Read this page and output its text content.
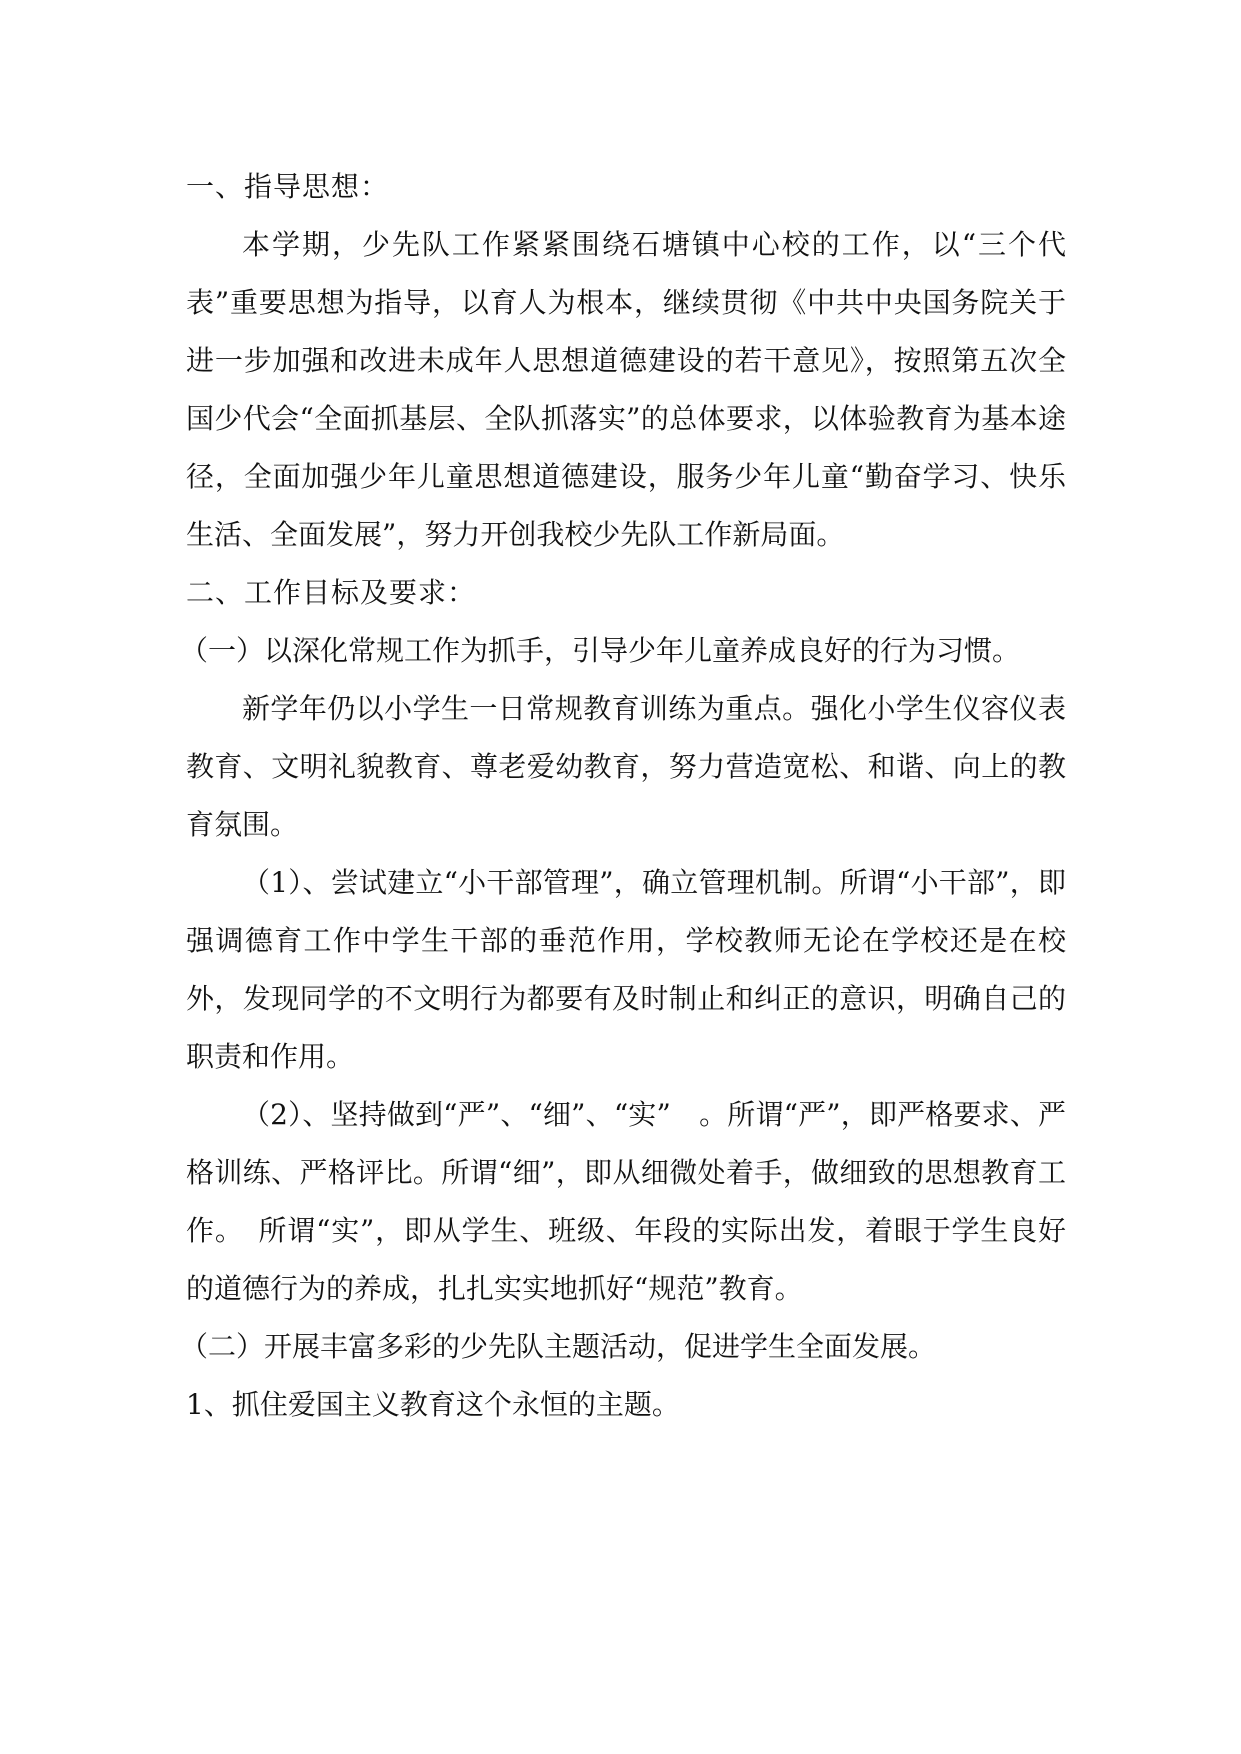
一、指导思想：

本学期，少先队工作紧紧围绕石塘镇中心校的工作，以“三个代表”重要思想为指导，以育人为根本，继续贯彻《中共中央国务院关于进一步加强和改进未成年人思想道德建设的若干意见》，按照第五次全国少代会“全面抓基层、全队抓落实”的总体要求，以体验教育为基本途径，全面加强少年儿童思想道德建设，服务少年儿童“勤奋学习、快乐生活、全面发展”，努力开创我校少先队工作新局面。

二、工作目标及要求：

（一）以深化常规工作为抓手，引导少年儿童养成良好的行为习惯。

新学年仍以小学生一日常规教育训练为重点。强化小学生仪容仪表教育、文明礼貌教育、尊老爱幼教育，努力营造宽松、和谐、向上的教育氛围。

（1）、尝试建立“小干部管理”，确立管理机制。所谓“小干部”，即强调德育工作中学生干部的垂范作用，学校教师无论在学校还是在校外，发现同学的不文明行为都要有及时制止和纠正的意识，明确自己的职责和作用。

（2）、坚持做到“严”、“细”、“实”　。所谓“严”，即严格要求、严格训练、严格评比。所谓“细”，即从细微处着手，做细致的思想教育工作。　所谓“实”，即从学生、班级、年段的实际出发，着眼于学生良好的道德行为的养成，扎扎实实地抓好“规范”教育。

（二）开展丰富多彩的少先队主题活动，促进学生全面发展。

1、抓住爱国主义教育这个永恒的主题。
